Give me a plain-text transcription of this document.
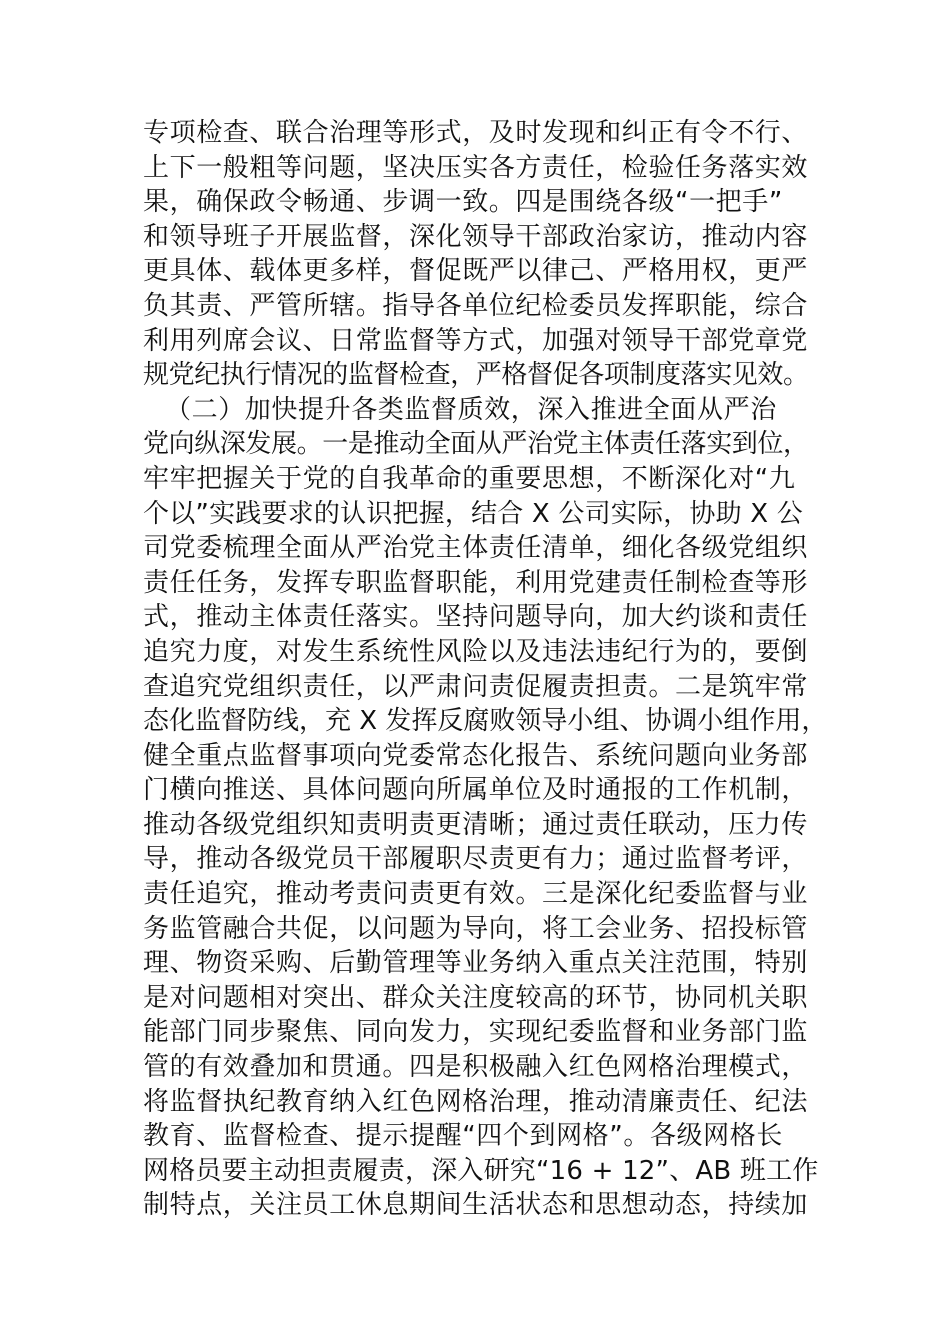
专项检查、联合治理等形式，及时发现和纠正有令不行、
上下一般粗等问题，坚决压实各方责任，检验任务落实效
果，确保政令畅通、步调一致。四是围绕各级“一把手”
和领导班子开展监督，深化领导干部政治家访，推动内容
更具体、载体更多样，督促既严以律己、严格用权，更严
负其责、严管所辖。指导各单位纪检委员发挥职能，综合
利用列席会议、日常监督等方式，加强对领导干部党章党
规党纪执行情况的监督检查，严格督促各项制度落实见效。
（二）加快提升各类监督质效，深入推进全面从严治
党向纵深发展。一是推动全面从严治党主体责任落实到位，
牢牢把握关于党的自我革命的重要思想，不断深化对“九
个以”实践要求的认识把握，结合 X 公司实际，协助 X 公
司党委梳理全面从严治党主体责任清单，细化各级党组织
责任任务，发挥专职监督职能，利用党建责任制检查等形
式，推动主体责任落实。坚持问题导向，加大约谈和责任
追究力度，对发生系统性风险以及违法违纪行为的，要倒
查追究党组织责任，以严肃问责促履责担责。二是筑牢常
态化监督防线，充 X 发挥反腐败领导小组、协调小组作用，
健全重点监督事项向党委常态化报告、系统问题向业务部
门横向推送、具体问题向所属单位及时通报的工作机制，
推动各级党组织知责明责更清晰；通过责任联动，压力传
导，推动各级党员干部履职尽责更有力；通过监督考评，
责任追究，推动考责问责更有效。三是深化纪委监督与业
务监管融合共促，以问题为导向，将工会业务、招投标管
理、物资采购、后勤管理等业务纳入重点关注范围，特别
是对问题相对突出、群众关注度较高的环节，协同机关职
能部门同步聚焦、同向发力，实现纪委监督和业务部门监
管的有效叠加和贯通。四是积极融入红色网格治理模式，
将监督执纪教育纳入红色网格治理，推动清廉责任、纪法
教育、监督检查、提示提醒“四个到网格”。各级网格长
网格员要主动担责履责，深入研究“16 + 12”、AB 班工作
制特点，关注员工休息期间生活状态和思想动态，持续加
